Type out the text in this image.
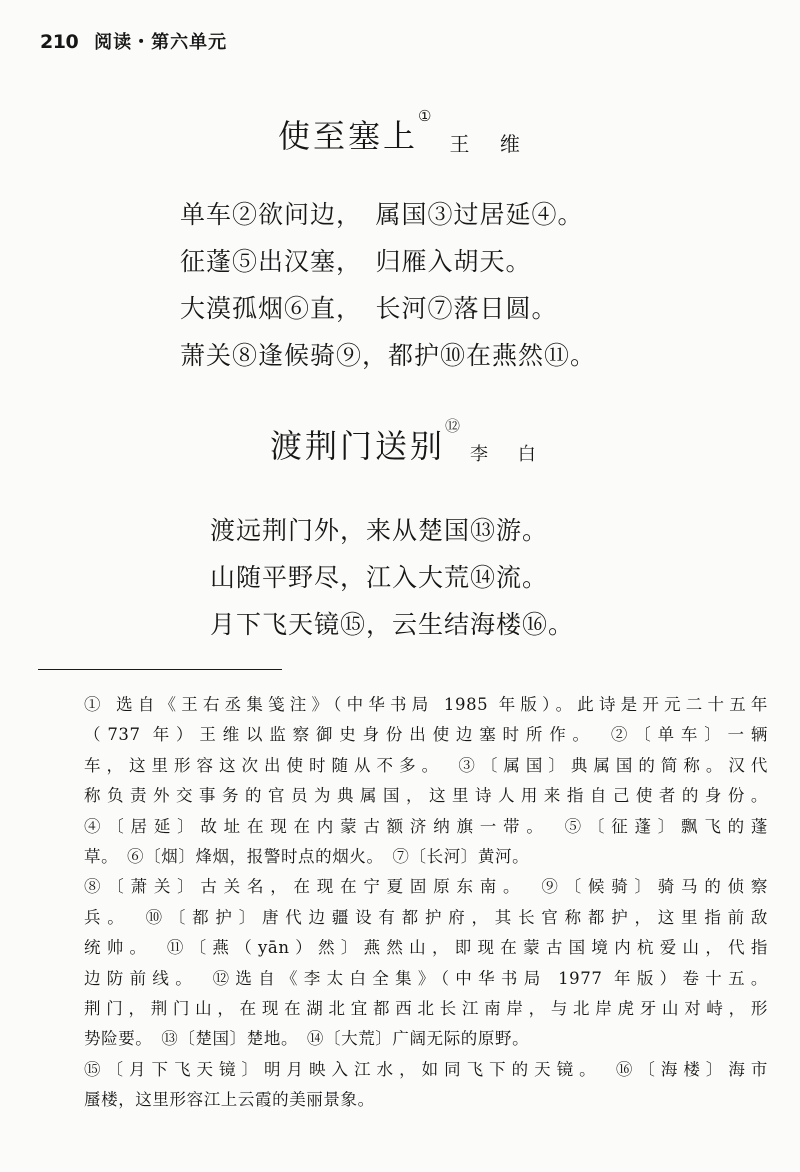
210 阅读・第六单元
使至塞上
①
王 维
单车②欲问边，　属国③过居延④。
征蓬⑤出汉塞，　归雁入胡天。
大漠孤烟⑥直，　长河⑦落日圆。
萧关⑧逢候骑⑨，都护⑩在燕然⑪。
渡荆门送别
⑫
李 白
渡远荆门外，来从楚国⑬游。
山随平野尽，江入大荒⑭流。
月下飞天镜⑮，云生结海楼⑯。
① 选自《王右丞集笺注》（中华书局 1985 年版）。此诗是开元二十五年
（737 年）王维以监察御史身份出使边塞时所作。　②〔单车〕一辆
车，这里形容这次出使时随从不多。　③〔属国〕典属国的简称。汉代
称负责外交事务的官员为典属国，这里诗人用来指自己使者的身份。
④〔居延〕故址在现在内蒙古额济纳旗一带。　⑤〔征蓬〕飘飞的蓬
草。　⑥〔烟〕烽烟，报警时点的烟火。　⑦〔长河〕黄河。
⑧〔萧关〕古关名，在现在宁夏固原东南。　⑨〔候骑〕骑马的侦察
兵。　⑩〔都护〕唐代边疆设有都护府，其长官称都护，这里指前敌
统帅。　⑪〔燕（yān）然〕燕然山，即现在蒙古国境内杭爱山，代指
边防前线。　⑫选自《李太白全集》（中华书局 1977 年版）卷十五。
荆门，荆门山，在现在湖北宜都西北长江南岸，与北岸虎牙山对峙，形
势险要。　⑬〔楚国〕楚地。　⑭〔大荒〕广阔无际的原野。
⑮〔月下飞天镜〕明月映入江水，如同飞下的天镜。　⑯〔海楼〕海市
蜃楼，这里形容江上云霞的美丽景象。
